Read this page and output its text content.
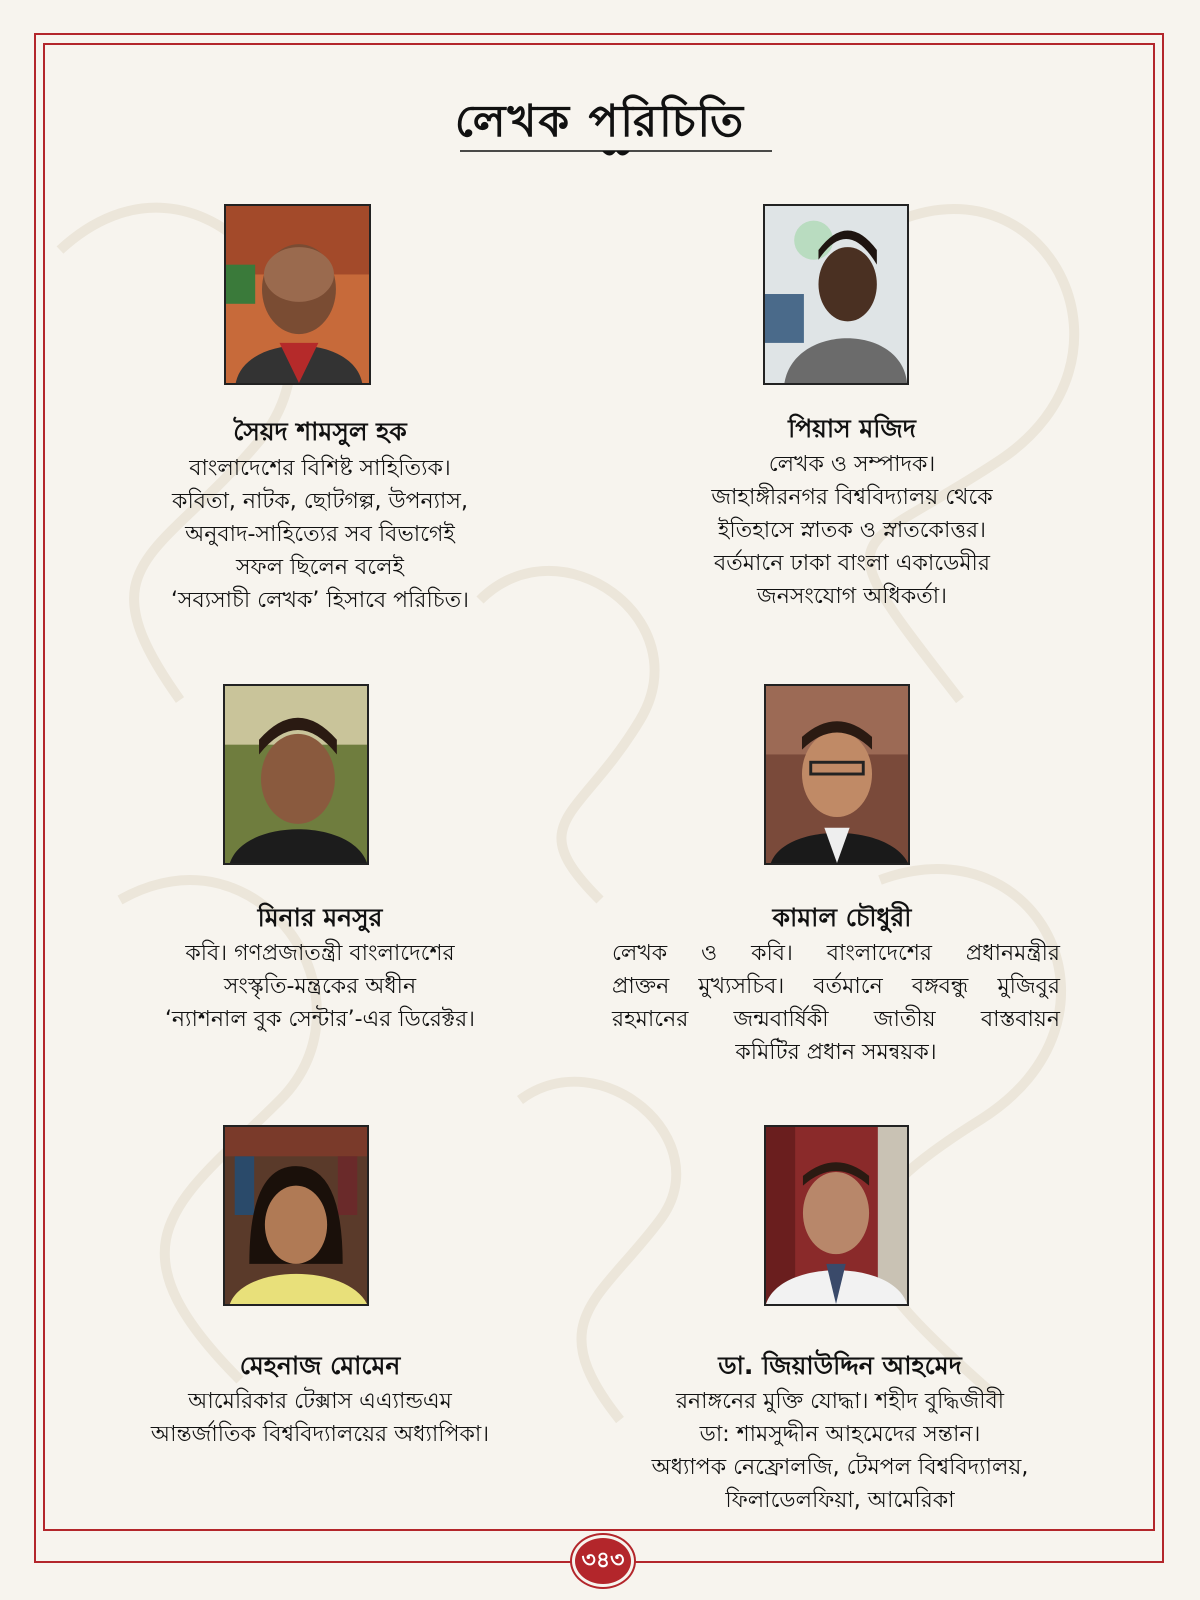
লেখক পরিচিতি
সৈয়দ শামসুল হক
বাংলাদেশের বিশিষ্ট সাহিত্যিক।
কবিতা, নাটক, ছোটগল্প, উপন্যাস,
অনুবাদ-সাহিত্যের সব বিভাগেই
সফল ছিলেন বলেই
‘সব্যসাচী লেখক’ হিসাবে পরিচিত।
পিয়াস মজিদ
লেখক ও সম্পাদক।
জাহাঙ্গীরনগর বিশ্ববিদ্যালয় থেকে
ইতিহাসে স্নাতক ও স্নাতকোত্তর।
বর্তমানে ঢাকা বাংলা একাডেমীর
জনসংযোগ অধিকর্তা।
মিনার মনসুর
কবি। গণপ্রজাতন্ত্রী বাংলাদেশের
সংস্কৃতি-মন্ত্রকের অধীন
‘ন্যাশনাল বুক সেন্টার’-এর ডিরেক্টর।
কামাল চৌধুরী
লেখক ও কবি। বাংলাদেশের প্রধানমন্ত্রীর
প্রাক্তন মুখ্যসচিব। বর্তমানে বঙ্গবন্ধু মুজিবুর
রহমানের জন্মবার্ষিকী জাতীয় বাস্তবায়ন
কমিটির প্রধান সমন্বয়ক।
মেহনাজ মোমেন
আমেরিকার টেক্সাস এএ্যান্ডএম
আন্তর্জাতিক বিশ্ববিদ্যালয়ের অধ্যাপিকা।
ডা. জিয়াউদ্দিন আহমেদ
রনাঙ্গনের মুক্তি যোদ্ধা। শহীদ বুদ্ধিজীবী
ডা: শামসুদ্দীন আহমেদের সন্তান।
অধ্যাপক নেফ্রোলজি, টেমপল বিশ্ববিদ্যালয়,
ফিলাডেলফিয়া, আমেরিকা
৩৪৩
